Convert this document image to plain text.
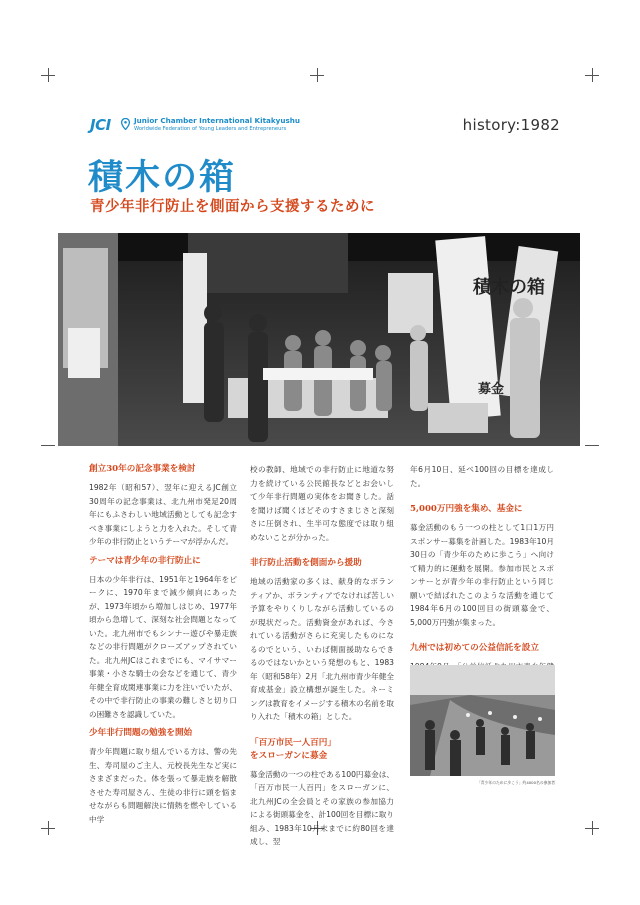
JCI	Junior Chamber International Kitakyushu
Worldwide Federation of Young Leaders and Entrepreneurs	history:1982
積木の箱
青少年非行防止を側面から支援するために
積木の箱
募金
創立30年の記念事業を検討

1982年（昭和57）、翌年に迎えるJC創立30周年の記念事業は、北九州市発足20周年にもふさわしい地域活動としても記念すべき事業にしようと力を入れた。そして青少年の非行防止というテーマが浮かんだ。

テーマは青少年の非行防止に

日本の少年非行は、1951年と1964年をピークに、1970年まで減少傾向にあったが、1973年頃から増加しはじめ、1977年頃から急増して、深刻な社会問題となっていた。北九州市でもシンナー遊びや暴走族などの非行問題がクローズアップされていた。北九州JCはこれまでにも、マイサマー事業・小さな騎士の会などを通じて、青少年健全育成関連事業に力を注いでいたが、その中で非行防止の事業の難しさと切り口の困難さを認識していた。

少年非行問題の勉強を開始

青少年問題に取り組んでいる方は、警の先生、寿司屋のご主人、元校長先生など実にさまざまだった。体を張って暴走族を解散させた寿司屋さん、生徒の非行に頭を悩ませながらも問題解決に情熱を燃やしている中学

校の教師、地域での非行防止に地道な努力を続けている公民館長などとお会いして少年非行問題の実体をお聞きした。話を聞けば聞くほどそのすさまじさと深刻さに圧倒され、生半可な態度では取り組めないことが分かった。

非行防止活動を側面から援助

地域の活動家の多くは、献身的なボランティアか、ボランティアでなければ苦しい予算をやりくりしながら活動しているのが現状だった。活動資金があれば、今されている活動がさらに充実したものになるのでという、いわば側面援助ならできるのではないかという発想のもと、1983年（昭和58年）2月「北九州市青少年健全育成基金」設立構想が誕生した。ネーミングは教育をイメージする積木の名前を取り入れた「積木の箱」とした。

「百万市民一人百円」
をスローガンに募金

募金活動の一つの柱である100円募金は、「百万市民一人百円」をスローガンに、北九州JCの全会員とその家族の参加協力による街頭募金を、計100回を目標に取り組み、1983年10月末までに約80回を達成し、翌

年6月10日、延べ100回の目標を達成した。

5,000万円強を集め、基金に

募金活動のもう一つの柱として1口1万円スポンサー募集を計画した。1983年10月30日の「青少年のために歩こう」へ向けて精力的に運動を展開。参加市民とスポンサーとが青少年の非行防止という同じ願いで結ばれたこのような活動を通じて1984年6月の100回目の街頭募金で、5,000万円強が集まった。

九州では初めての公益信託を設立

「青少年のために歩こう」約4000名の参加者
